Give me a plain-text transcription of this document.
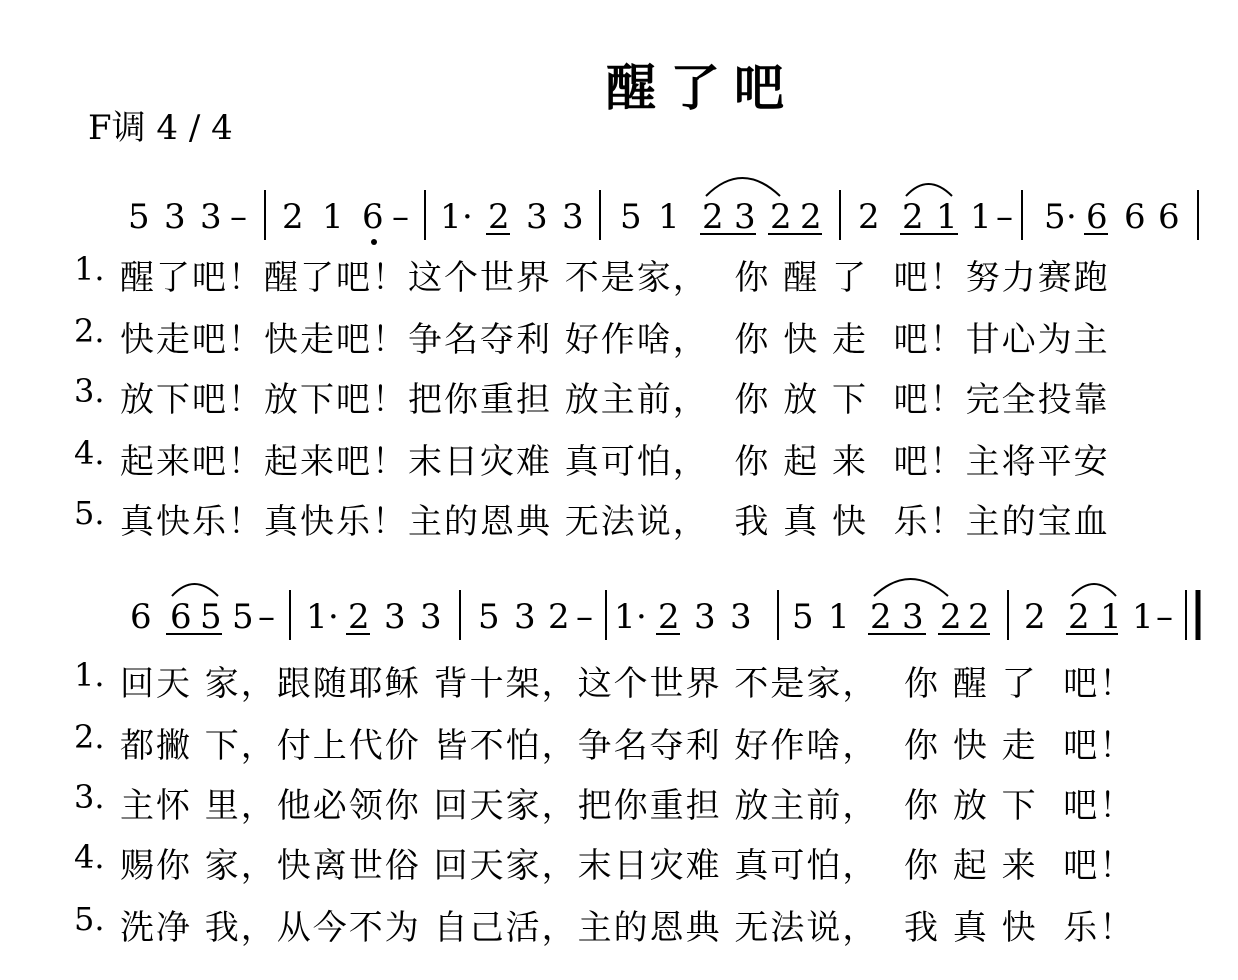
醒了吧
F调 4 / 4
5 3 3 – 2 1 6 – 1 · 2 3 3 5 1 2 3 2 2 2 2 1 1 – 5 · 6 6 6
6 6 5 5 – 1 · 2 3 3 5 3 2 – 1 · 2 3 3 5 1 2 3 2 2 2 2 1 1 –
1. 醒了吧！醒了吧！这个世界 不是家，  你 醒 了  吧！努力赛跑
2. 快走吧！快走吧！争名夺利 好作啥，  你 快 走  吧！甘心为主
3. 放下吧！放下吧！把你重担 放主前，  你 放 下  吧！完全投靠
4. 起来吧！起来吧！末日灾难 真可怕，  你 起 来  吧！主将平安
5. 真快乐！真快乐！主的恩典 无法说，  我 真 快  乐！主的宝血
1. 回天 家，跟随耶稣 背十架，这个世界 不是家，  你 醒 了  吧！
2. 都撇 下，付上代价 皆不怕，争名夺利 好作啥，  你 快 走  吧！
3. 主怀 里，他必领你 回天家，把你重担 放主前，  你 放 下  吧！
4. 赐你 家，快离世俗 回天家，末日灾难 真可怕，  你 起 来  吧！
5. 洗净 我，从今不为 自己活，主的恩典 无法说，  我 真 快  乐！
